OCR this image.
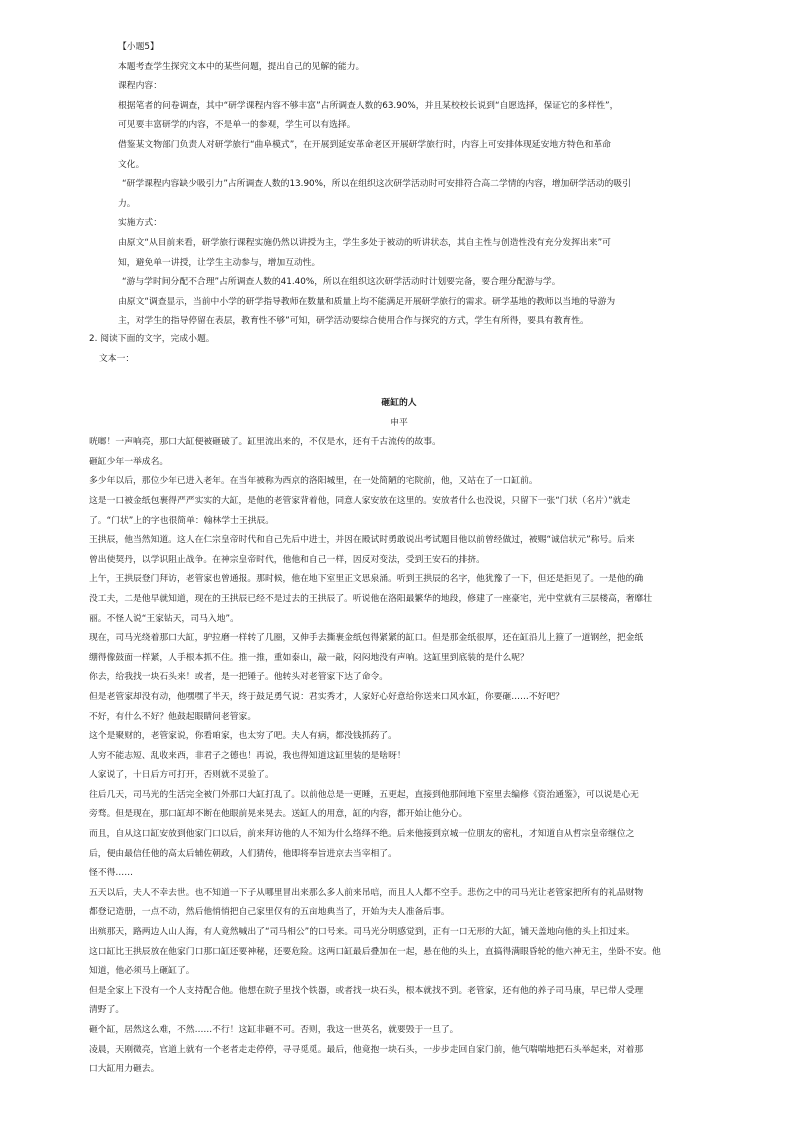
【小题5】

本题考查学生探究文本中的某些问题，提出自己的见解的能力。

课程内容：

根据笔者的问卷调查，其中“研学课程内容不够丰富”占所调查人数的63.90%，并且某校校长说到“自愿选择，保证它的多样性”，

可见要丰富研学的内容，不是单一的参观，学生可以有选择。

借鉴某文物部门负责人对研学旅行“曲阜模式”，在开展到延安革命老区开展研学旅行时，内容上可安排体现延安地方特色和革命

文化。

“研学课程内容缺少吸引力”占所调查人数的13.90%，所以在组织这次研学活动时可安排符合高二学情的内容，增加研学活动的吸引

力。

实施方式：

由原文“从目前来看，研学旅行课程实施仍然以讲授为主，学生多处于被动的听讲状态，其自主性与创造性没有充分发挥出来”可

知，避免单一讲授，让学生主动参与，增加互动性。

“游与学时间分配不合理”占所调查人数的41.40%，所以在组织这次研学活动时计划要完备，要合理分配游与学。

由原文“调查显示，当前中小学的研学指导教师在数量和质量上均不能满足开展研学旅行的需求。研学基地的教师以当地的导游为

主，对学生的指导停留在表层，教育性不够”可知，研学活动要综合使用合作与探究的方式，学生有所得，要具有教育性。

2. 阅读下面的文字，完成小题。

文本一：

砸缸的人

申平

咣啷！一声响亮，那口大缸便被砸破了。缸里流出来的，不仅是水，还有千古流传的故事。

砸缸少年一举成名。

多少年以后，那位少年已进入老年。在当年被称为西京的洛阳城里，在一处简陋的宅院前，他，又站在了一口缸前。

这是一口被金纸包裹得严严实实的大缸，是他的老管家背着他，同意人家安放在这里的。安放者什么也没说，只留下一张“门状（名片）”就走

了。“门状”上的字也很简单：翰林学士王拱辰。

王拱辰，他当然知道。这人在仁宗皇帝时代和自己先后中进士，并因在殿试时勇敢说出考试题目他以前曾经做过，被赐“诚信状元”称号。后来

曾出使契丹，以学识阻止战争。在神宗皇帝时代，他他和自己一样，因反对变法，受到王安石的排挤。

上午，王拱辰登门拜访，老管家也曾通报。那时候，他在地下室里正文思泉涌。听到王拱辰的名字，他犹豫了一下，但还是拒见了。一是他的确

没工夫，二是他早就知道，现在的王拱辰已经不是过去的王拱辰了。听说他在洛阳最繁华的地段，修建了一座豪宅，光中堂就有三层楼高，奢靡壮

丽。不怪人说“王家钻天，司马入地”。

现在，司马光绕着那口大缸，驴拉磨一样转了几圈，又伸手去撕裹金纸包得紧紧的缸口。但是那金纸很厚，还在缸沿儿上箍了一道钢丝，把金纸

绷得像鼓面一样紧，人手根本抓不住。推一推，重如泰山，敲一敲，闷闷地没有声响。这缸里到底装的是什么呢？

你去，给我找一块石头来！或者，是一把锤子。他转头对老管家下达了命令。

但是老管家却没有动，他嘿嘿了半天，终于鼓足勇气说：君实秀才，人家好心好意给你送来口风水缸，你要砸……不好吧？

不好，有什么不好？他鼓起眼睛问老管家。

这个是聚财的，老管家说，你看咱家，也太穷了吧。夫人有病，都没钱抓药了。

人穷不能志短、乱收来西，非君子之德也！再说，我也得知道这缸里装的是啥呀！

人家说了，十日后方可打开，否则就不灵验了。

往后几天，司马光的生活完全被门外那口大缸打乱了。以前他总是一更睡，五更起，直接到他那间地下室里去编修《资治通鉴》，可以说是心无

旁骛。但是现在，那口缸却不断在他眼前晃来晃去。送缸人的用意，缸的内容，都开始让他分心。

而且，自从这口缸安放到他家门口以后，前来拜访他的人不知为什么络绎不绝。后来他接到京城一位朋友的密札，才知道自从哲宗皇帝继位之

后，便由最信任他的高太后辅佐朝政，人们猜传，他即将奉旨进京去当宰相了。

怪不得……

五天以后，夫人不幸去世。也不知道一下子从哪里冒出来那么多人前来吊唁，而且人人都不空手。悲伤之中的司马光让老管家把所有的礼品财物

都登记造册，一点不动，然后他悄悄把自己家里仅有的五亩地典当了，开始为夫人准备后事。

出殡那天，路两边人山人海，有人竟然喊出了“司马相公”的口号来。司马光分明感觉到，正有一口无形的大缸，铺天盖地向他的头上扣过来。

这口缸比王拱辰放在他家门口那口缸还要神秘，还要危险。这两口缸最后叠加在一起，悬在他的头上，直搞得满眼昏轮的他六神无主，坐卧不安。他

知道，他必须马上砸缸了。

但是全家上下没有一个人支持配合他。他想在院子里找个铁器，或者找一块石头，根本就找不到。老管家，还有他的养子司马康，早已带人受理

清野了。

砸个缸，居然这么难，不然……不行！这缸非砸不可。否则，我这一世英名，就要毁于一旦了。

凌晨，天刚微亮，官道上就有一个老者走走停停，寻寻觅觅。最后，他竟抱一块石头，一步步走回自家门前，他气喘喘地把石头举起来，对着那

口大缸用力砸去。
